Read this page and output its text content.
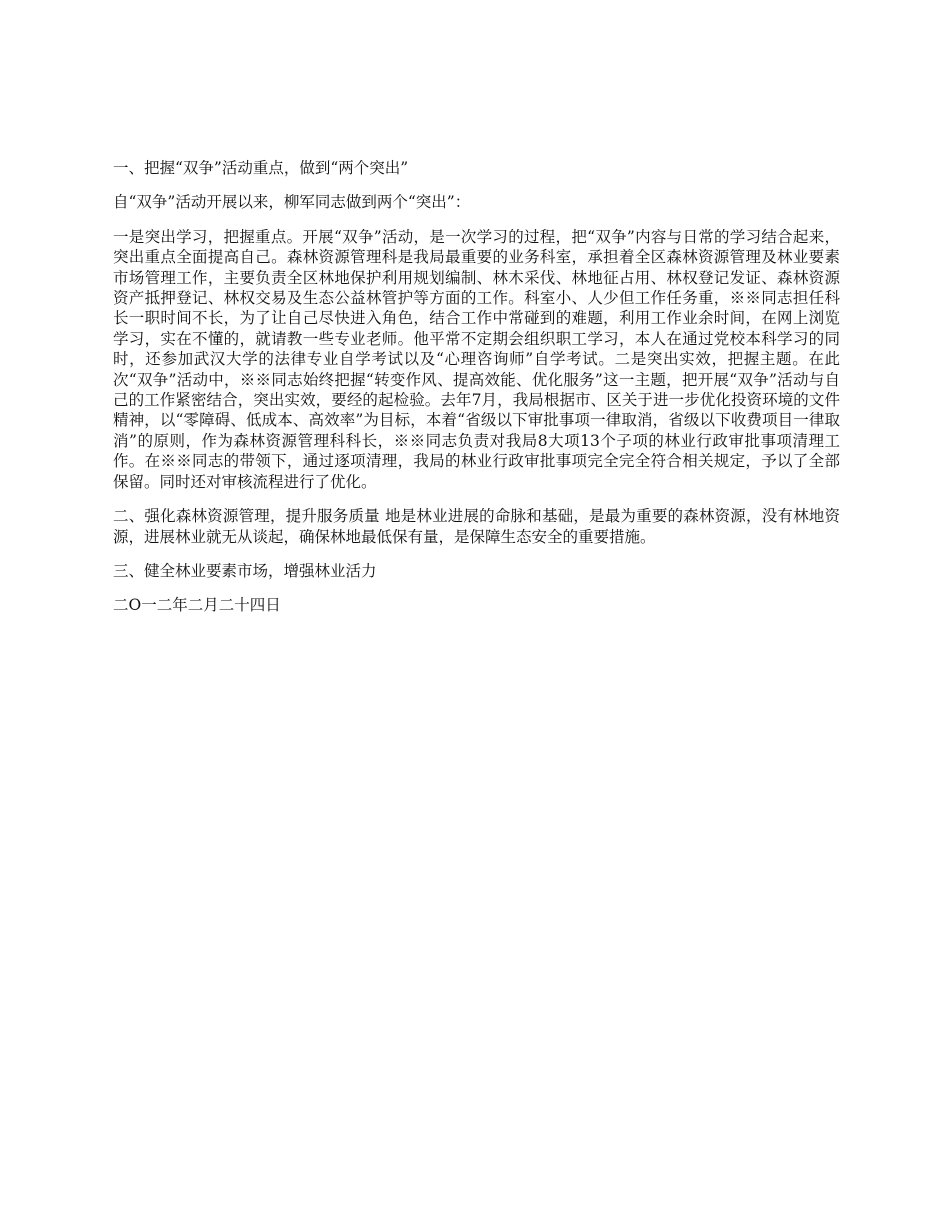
一、把握“双争”活动重点，做到“两个突出”

自“双争”活动开展以来，柳军同志做到两个“突出”：

一是突出学习，把握重点。开展“双争”活动，是一次学习的过程，把“双争”内容与日常的学习结合起来，突出重点全面提高自己。森林资源管理科是我局最重要的业务科室，承担着全区森林资源管理及林业要素市场管理工作，主要负责全区林地保护利用规划编制、林木采伐、林地征占用、林权登记发证、森林资源资产抵押登记、林权交易及生态公益林管护等方面的工作。科室小、人少但工作任务重，※※同志担任科长一职时间不长，为了让自己尽快进入角色，结合工作中常碰到的难题，利用工作业余时间，在网上浏览学习，实在不懂的，就请教一些专业老师。他平常不定期会组织职工学习，本人在通过党校本科学习的同时，还参加武汉大学的法律专业自学考试以及“心理咨询师”自学考试。二是突出实效，把握主题。在此次“双争”活动中，※※同志始终把握“转变作风、提高效能、优化服务”这一主题，把开展“双争”活动与自己的工作紧密结合，突出实效，要经的起检验。去年7月，我局根据市、区关于进一步优化投资环境的文件精神，以“零障碍、低成本、高效率”为目标，本着“省级以下审批事项一律取消，省级以下收费项目一律取消”的原则，作为森林资源管理科科长，※※同志负责对我局8大项13个子项的林业行政审批事项清理工作。在※※同志的带领下，通过逐项清理，我局的林业行政审批事项完全完全符合相关规定，予以了全部保留。同时还对审核流程进行了优化。

二、强化森林资源管理，提升服务质量 地是林业进展的命脉和基础，是最为重要的森林资源，没有林地资源，进展林业就无从谈起，确保林地最低保有量，是保障生态安全的重要措施。

三、健全林业要素市场，增强林业活力

二O一二年二月二十四日
